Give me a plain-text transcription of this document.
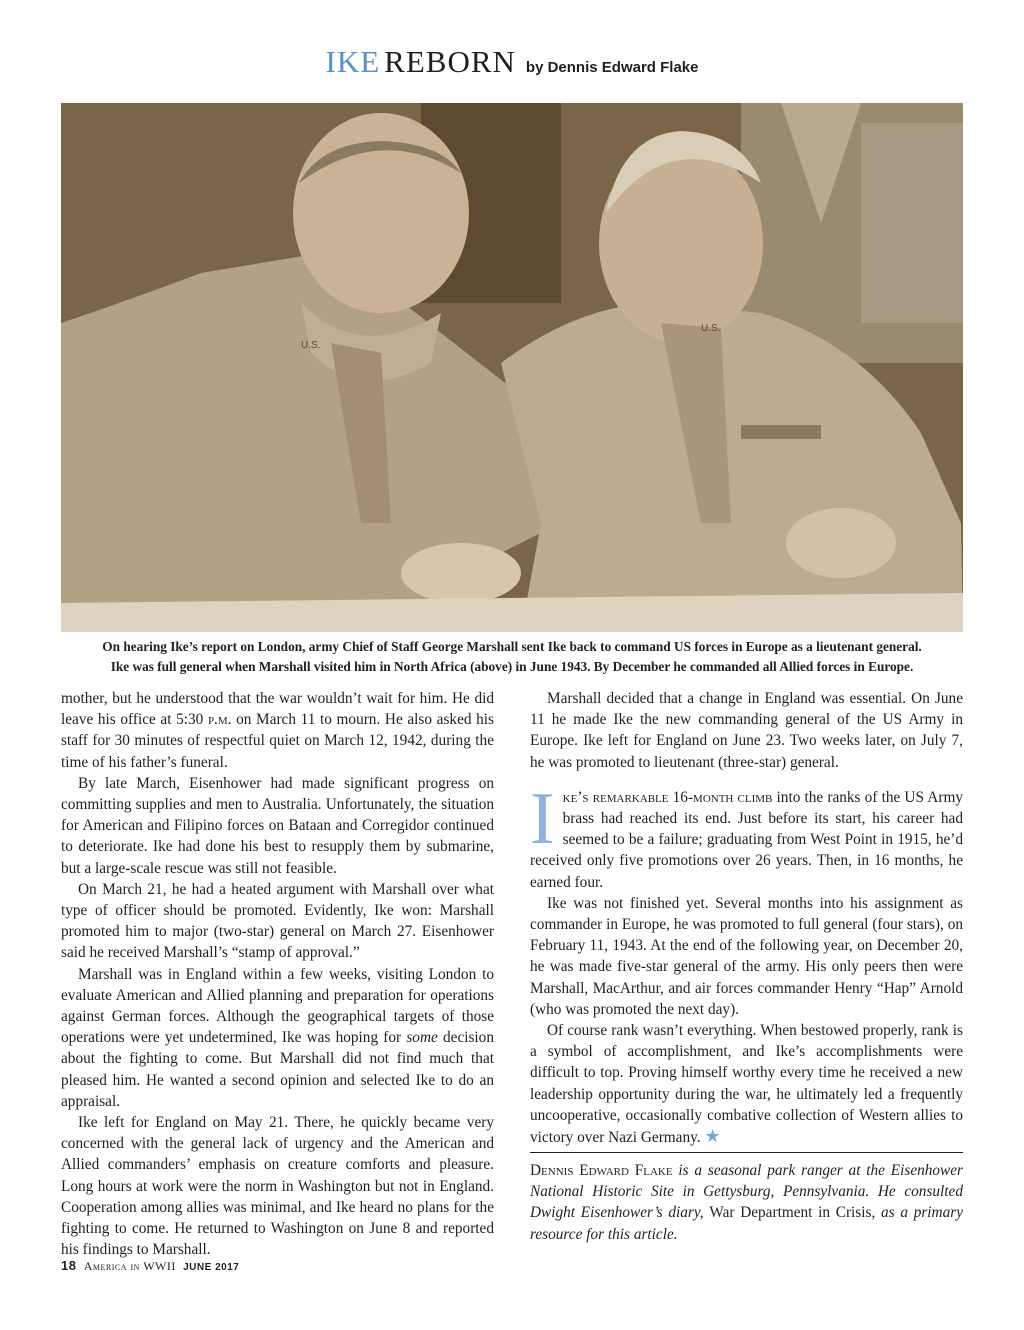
IKE REBORN by Dennis Edward Flake
U.S.
U.S.
On hearing Ike’s report on London, army Chief of Staff George Marshall sent Ike back to command US forces in Europe as a lieutenant general.
Ike was full general when Marshall visited him in North Africa (above) in June 1943. By December he commanded all Allied forces in Europe.

mother, but he understood that the war wouldn’t wait for him. He did leave his office at 5:30 p.m. on March 11 to mourn. He also asked his staff for 30 minutes of respectful quiet on March 12, 1942, during the time of his father’s funeral.

By late March, Eisenhower had made significant progress on committing supplies and men to Australia. Unfortunately, the situation for American and Filipino forces on Bataan and Corregidor continued to deteriorate. Ike had done his best to resupply them by submarine, but a large-scale rescue was still not feasible.

On March 21, he had a heated argument with Marshall over what type of officer should be promoted. Evidently, Ike won: Marshall promoted him to major (two-star) general on March 27. Eisenhower said he received Marshall’s “stamp of approval.”

Marshall was in England within a few weeks, visiting London to evaluate American and Allied planning and preparation for operations against German forces. Although the geographical targets of those operations were yet undetermined, Ike was hoping for some decision about the fighting to come. But Marshall did not find much that pleased him. He wanted a second opinion and selected Ike to do an appraisal.

Ike left for England on May 21. There, he quickly became very concerned with the general lack of urgency and the American and Allied commanders’ emphasis on creature comforts and pleasure. Long hours at work were the norm in Washington but not in England. Cooperation among allies was minimal, and Ike heard no plans for the fighting to come. He returned to Washington on June 8 and reported his findings to Marshall.

Marshall decided that a change in England was essential. On June 11 he made Ike the new commanding general of the US Army in Europe. Ike left for England on June 23. Two weeks later, on July 7, he was promoted to lieutenant (three-star) general.

Ike’s remarkable 16-month climb into the ranks of the US Army brass had reached its end. Just before its start, his career had seemed to be a failure; graduating from West Point in 1915, he’d received only five promotions over 26 years. Then, in 16 months, he earned four.

Ike was not finished yet. Several months into his assignment as commander in Europe, he was promoted to full general (four stars), on February 11, 1943. At the end of the following year, on December 20, he was made five-star general of the army. His only peers then were Marshall, MacArthur, and air forces commander Henry “Hap” Arnold (who was promoted the next day).

Of course rank wasn’t everything. When bestowed properly, rank is a symbol of accomplishment, and Ike’s accomplishments were difficult to top. Proving himself worthy every time he received a new leadership opportunity during the war, he ultimately led a frequently uncooperative, occasionally combative collection of Western allies to victory over Nazi Germany. ★

Dennis Edward Flake is a seasonal park ranger at the Eisenhower National Historic Site in Gettysburg, Pennsylvania. He consulted Dwight Eisenhower’s diary, War Department in Crisis, as a primary resource for this article.
18 America in WWII JUNE 2017
